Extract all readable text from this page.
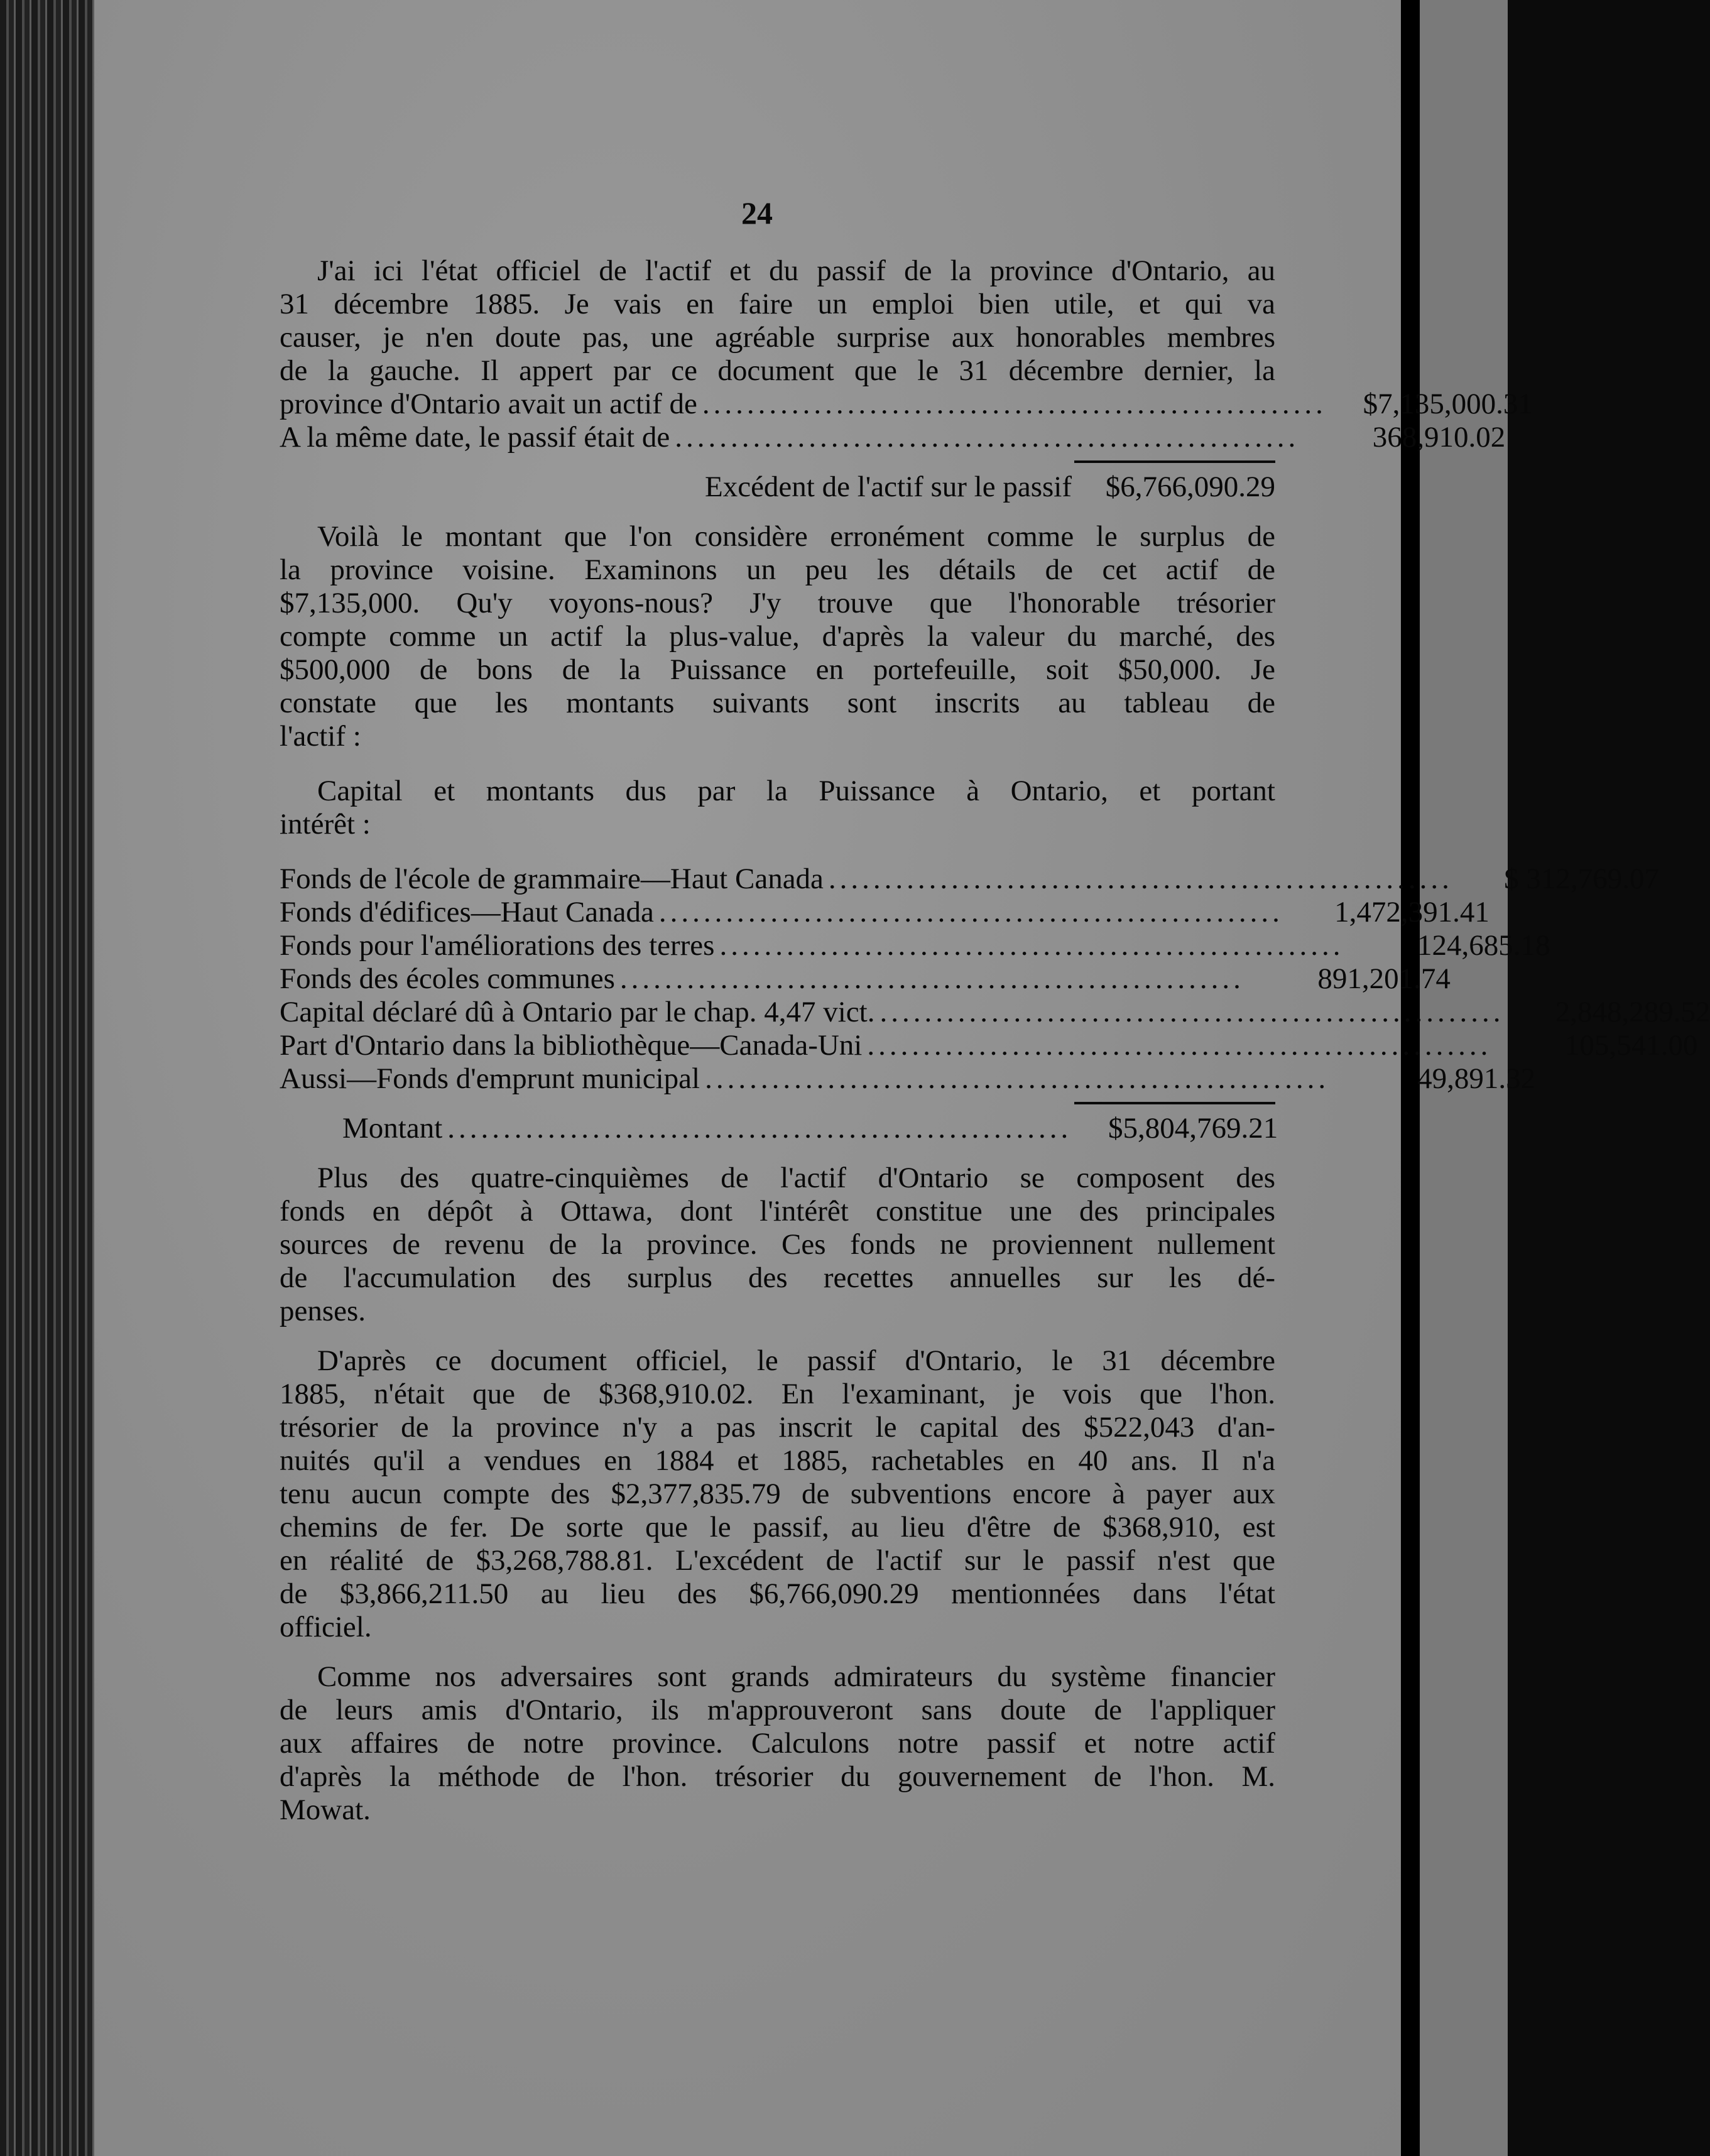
24
J'ai ici l'état officiel de l'actif et du passif de la province d'Ontario, au
31 décembre 1885. Je vais en faire un emploi bien utile, et qui va
causer, je n'en doute pas, une agréable surprise aux honorables membres
de la gauche. Il appert par ce document que le 31 décembre dernier, la
province d'Ontario avait un actif de ........................................................	$7,135,000.31
A la même date, le passif était de ........................................................	368,910.02
Excédent de l'actif sur le passif	$6,766,090.29
Voilà le montant que l'on considère erronément comme le surplus de
la province voisine. Examinons un peu les détails de cet actif de
$7,135,000. Qu'y voyons-nous? J'y trouve que l'honorable trésorier
compte comme un actif la plus-value, d'après la valeur du marché, des
$500,000 de bons de la Puissance en portefeuille, soit $50,000. Je
constate que les montants suivants sont inscrits au tableau de
l'actif :
Capital et montants dus par la Puissance à Ontario, et portant
intérêt :
Fonds de l'école de grammaire—Haut Canada ........................................................	$ 312,769.07
Fonds d'édifices—Haut Canada ........................................................	1,472,391.41
Fonds pour l'améliorations des terres ........................................................	124,685.18
Fonds des écoles communes ........................................................	891,201.74
Capital déclaré dû à Ontario par le chap. 4,47 vict. ........................................................	2,848,289.52
Part d'Ontario dans la bibliothèque—Canada-Uni ........................................................	105,541.00
Aussi—Fonds d'emprunt municipal ........................................................	49,891.32
Montant ........................................................	$5,804,769.21
Plus des quatre-cinquièmes de l'actif d'Ontario se composent des
fonds en dépôt à Ottawa, dont l'intérêt constitue une des principales
sources de revenu de la province. Ces fonds ne proviennent nullement
de l'accumulation des surplus des recettes annuelles sur les dé-
penses.
D'après ce document officiel, le passif d'Ontario, le 31 décembre
1885, n'était que de $368,910.02. En l'examinant, je vois que l'hon.
trésorier de la province n'y a pas inscrit le capital des $522,043 d'an-
nuités qu'il a vendues en 1884 et 1885, rachetables en 40 ans. Il n'a
tenu aucun compte des $2,377,835.79 de subventions encore à payer aux
chemins de fer. De sorte que le passif, au lieu d'être de $368,910, est
en réalité de $3,268,788.81. L'excédent de l'actif sur le passif n'est que
de $3,866,211.50 au lieu des $6,766,090.29 mentionnées dans l'état
officiel.
Comme nos adversaires sont grands admirateurs du système financier
de leurs amis d'Ontario, ils m'approuveront sans doute de l'appliquer
aux affaires de notre province. Calculons notre passif et notre actif
d'après la méthode de l'hon. trésorier du gouvernement de l'hon. M.
Mowat.
